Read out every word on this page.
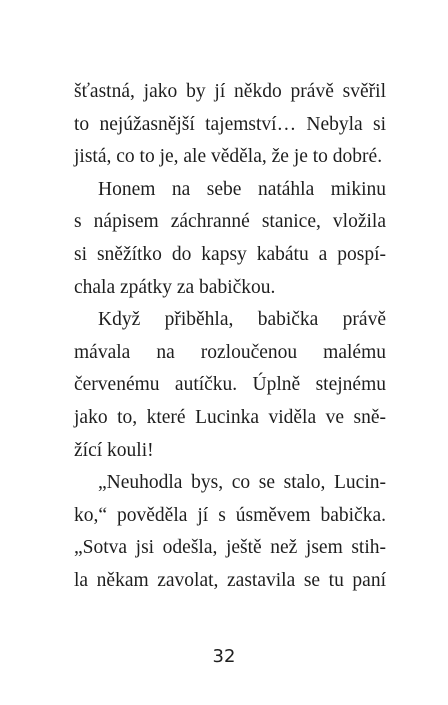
šťastná, jako by jí někdo právě svěřil
to nejúžasnější tajemství… Nebyla si
jistá, co to je, ale věděla, že je to dobré.
Honem na sebe natáhla mikinu
s nápisem záchranné stanice, vložila
si sněžítko do kapsy kabátu a pospí-
chala zpátky za babičkou.
Když přiběhla, babička právě
mávala na rozloučenou malému
červenému autíčku. Úplně stejnému
jako to, které Lucinka viděla ve sně-
žící kouli!
„Neuhodla bys, co se stalo, Lucin-
ko,“ pověděla jí s úsměvem babička.
„Sotva jsi odešla, ještě než jsem stih-
la někam zavolat, zastavila se tu paní
32
